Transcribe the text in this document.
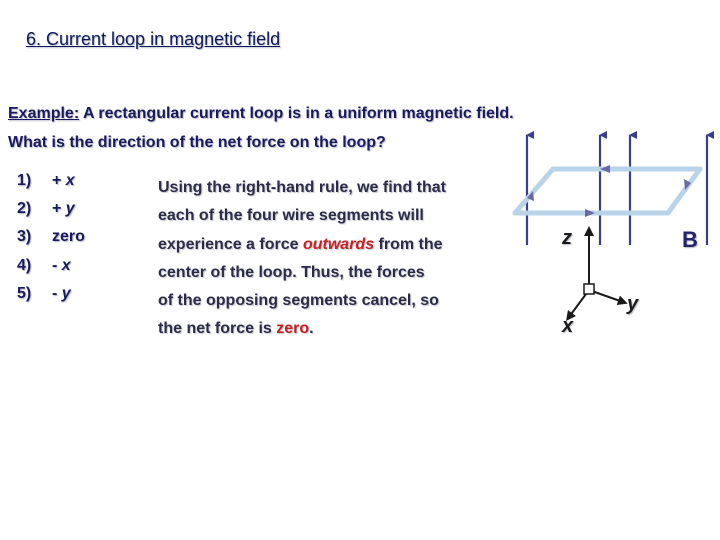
6. Current loop in magnetic field
Example: A rectangular current loop is in a uniform magnetic field.
What is the direction of the net force on the loop?
1) + x
2) + y
3) zero
4) - x
5) - y
Using the right-hand rule, we find that
each of the four wire segments will
experience a force outwards from the
center of the loop. Thus, the forces
of the opposing segments cancel, so
the net force is zero.
z
y
x
B
